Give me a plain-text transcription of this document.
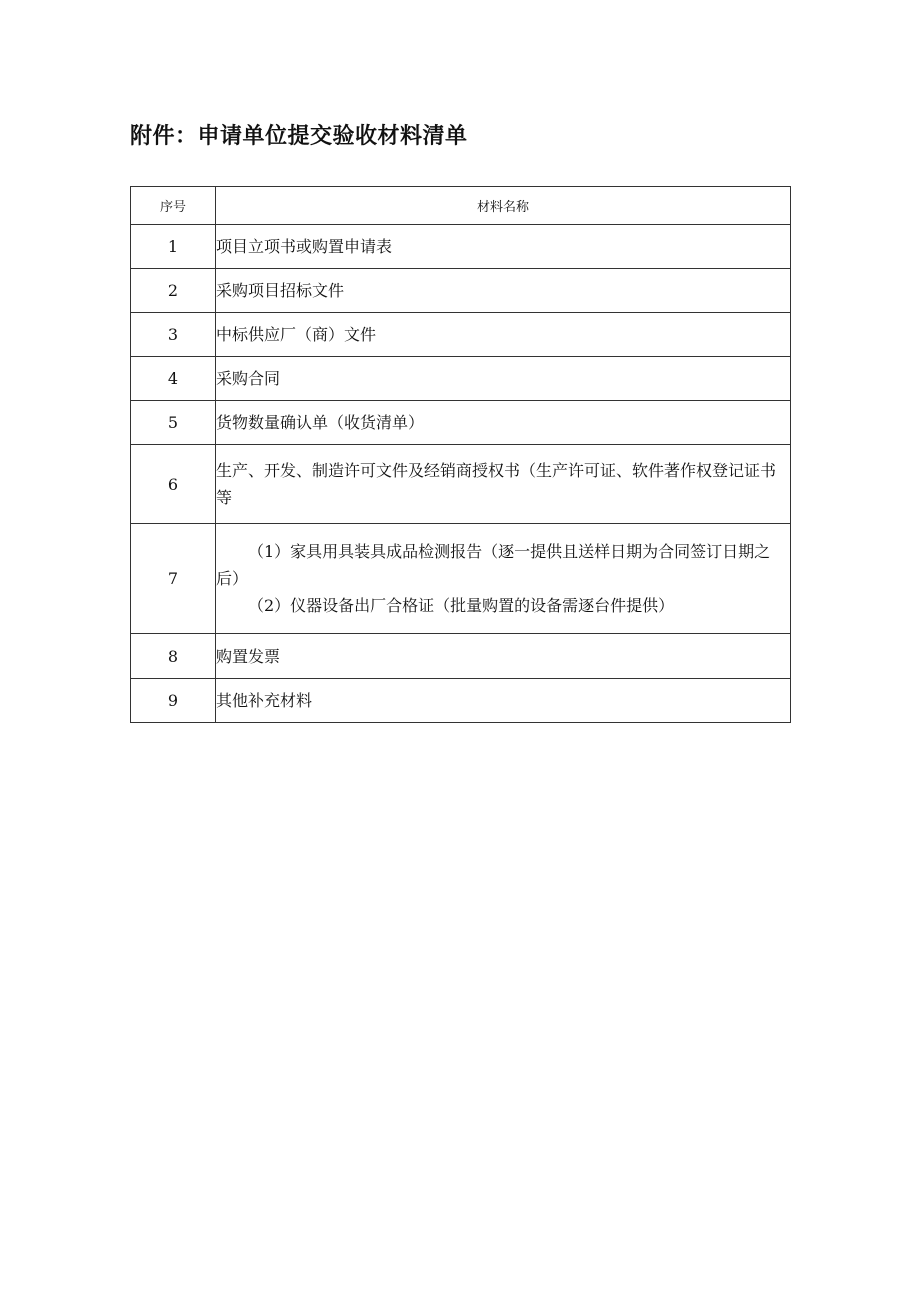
附件：申请单位提交验收材料清单
序号	材料名称
1	项目立项书或购置申请表
2	采购项目招标文件
3	中标供应厂（商）文件
4	采购合同
5	货物数量确认单（收货清单）
6	生产、开发、制造许可文件及经销商授权书（生产许可证、软件著作权登记证书等
7	（1）家具用具装具成品检测报告（逐一提供且送样日期为合同签订日期之后）
（2）仪器设备出厂合格证（批量购置的设备需逐台件提供）

8	购置发票
9	其他补充材料
